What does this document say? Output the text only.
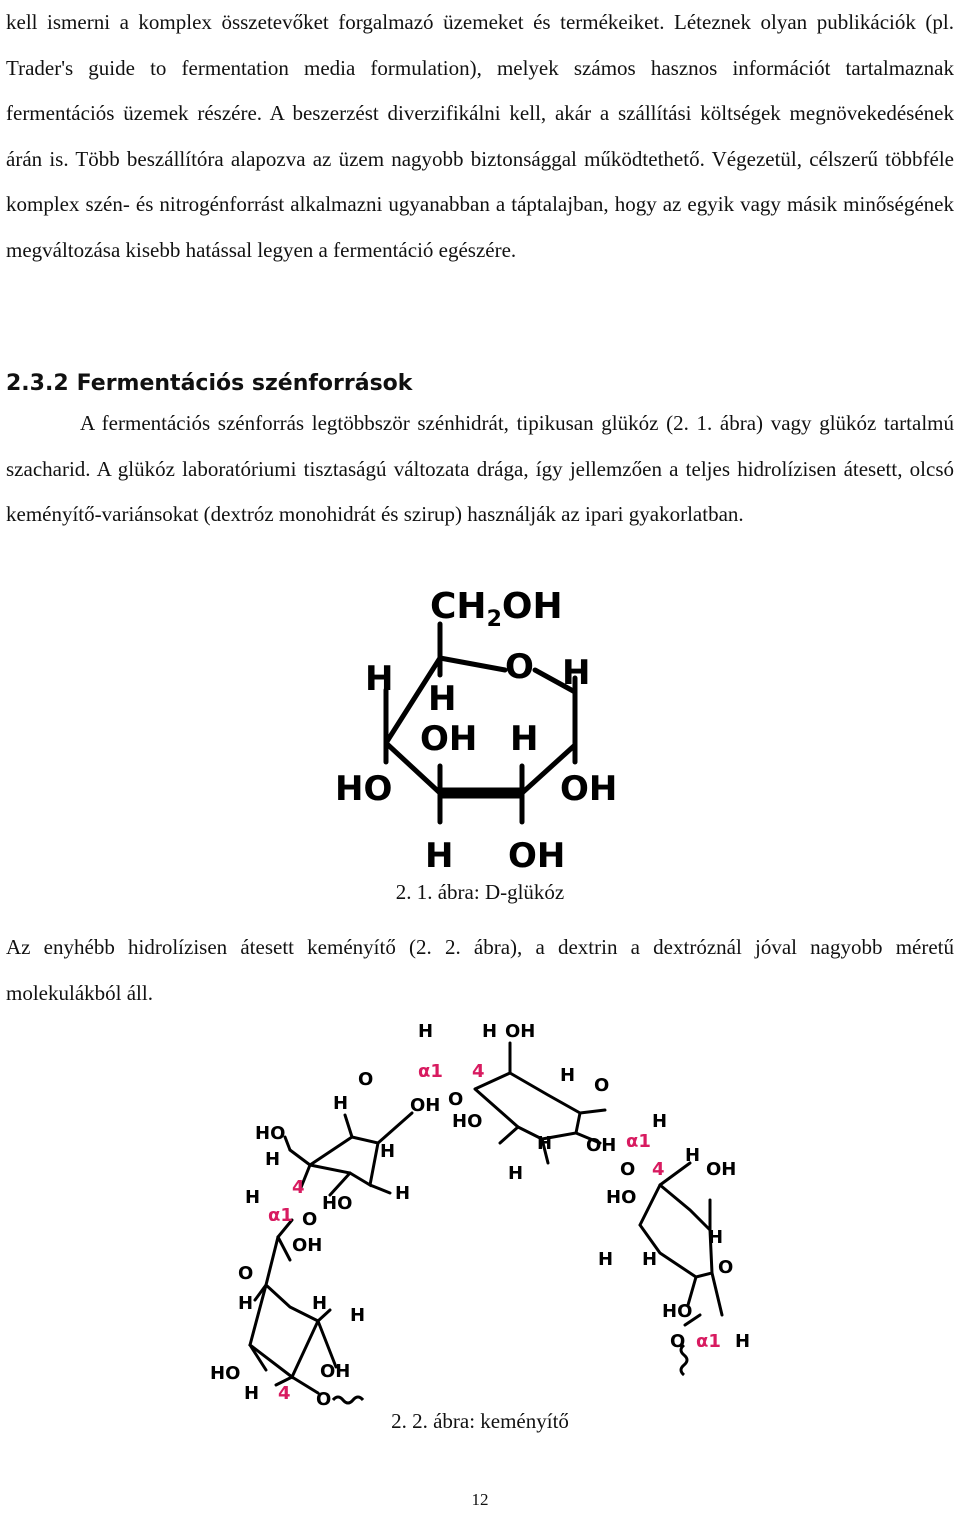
kell ismerni a komplex összetevőket forgalmazó üzemeket és termékeiket. Léteznek olyan publikációk (pl. Trader's guide to fermentation media formulation), melyek számos hasznos információt tartalmaznak fermentációs üzemek részére. A beszerzést diverzifikálni kell, akár a szállítási költségek megnövekedésének árán is. Több beszállítóra alapozva az üzem nagyobb biztonsággal működtethető. Végezetül, célszerű többféle komplex szén- és nitrogénforrást alkalmazni ugyanabban a táptalajban, hogy az egyik vagy másik minőségének megváltozása kisebb hatással legyen a fermentáció egészére.

2.3.2 Fermentációs szénforrások

A fermentációs szénforrás legtöbbször szénhidrát, tipikusan glükóz (2. 1. ábra) vagy glükóz tartalmú szacharid. A glükóz laboratóriumi tisztaságú változata drága, így jellemzően a teljes hidrolízisen átesett, olcsó keményítő-variánsokat (dextróz monohidrát és szirup) használják az ipari gyakorlatban.

$CH_2OH$
O H
H H
OH H
HO	OH
H OH

2. 1. ábra: D-glükóz

Az enyhébb hidrolízisen átesett keményítő (2. 2. ábra), a dextrin a dextróznál jóval nagyobb méretű molekulákból áll.

H	H OH
O
O
H O
H	OH
HO	H
HO	H OH
H
H	O
H
OH
H
H
H	HO	HO
O
OH	H
H H	O
O
H	H
H	HO
O	H
HO	OH
H	O
α1 4
α1
4
4
α1
α1
4

2. 2. ábra: keményítő

12
